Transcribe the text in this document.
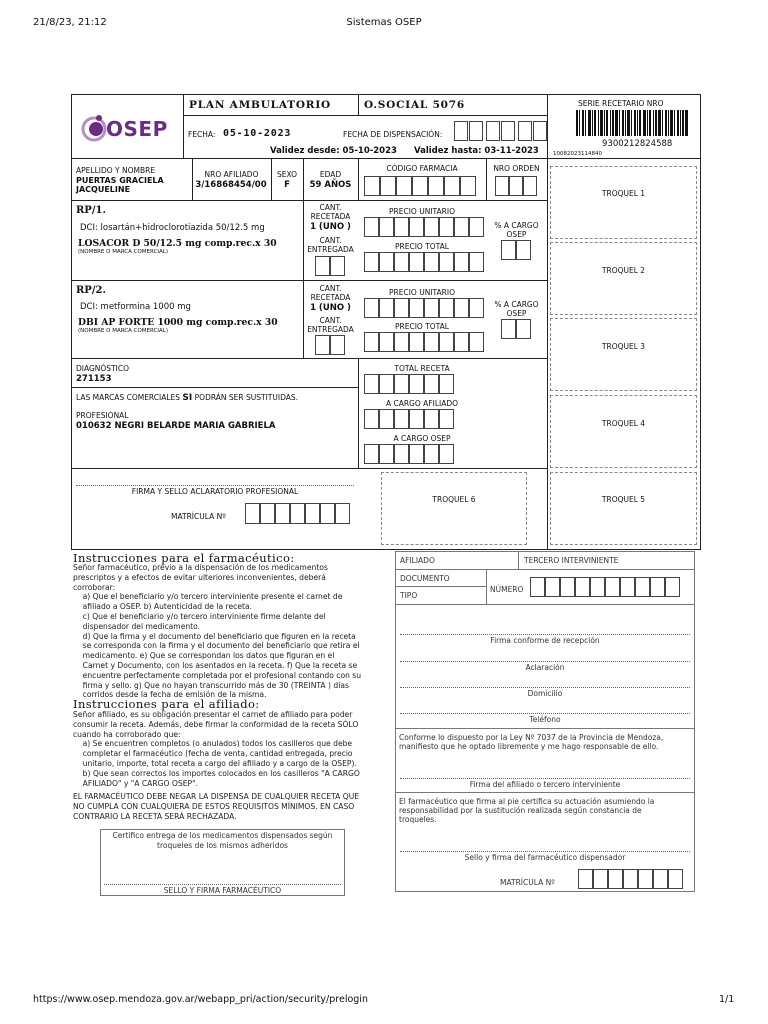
21/8/23, 21:12	Sistemas OSEP
https://www.osep.mendoza.gov.ar/webapp_pri/action/security/prelogin	1/1
OSEP
PLAN AMBULATORIO	O.SOCIAL 5076	SERIE RECETARIO NRO
9300212824588
10082023114840
FECHA: 05-10-2023	FECHA DE DISPENSACIÓN:
Validez desde: 05-10-2023 Validez hasta: 03-11-2023
APELLIDO Y NOMBRE
PUERTAS GRACIELA
JACQUELINE
NRO AFILIADO
3/16868454/00
SEXO
F
EDAD
59 AÑOS
CÓDIGO FARMACIA	NRO ORDEN
RP/1.
DCI: losartán+hidroclorotiazida 50/12.5 mg
LOSACOR D 50/12.5 mg comp.rec.x 30
(NOMBRE O MARCA COMERCIAL)
CANT.
RECETADA
1 (UNO )
CANT.
ENTREGADA
PRECIO UNITARIO
PRECIO TOTAL
% A CARGO
OSEP
RP/2.
DCI: metformina 1000 mg
DBI AP FORTE 1000 mg comp.rec.x 30
(NOMBRE O MARCA COMERCIAL)
CANT.
RECETADA
1 (UNO )
CANT.
ENTREGADA
PRECIO UNITARIO
PRECIO TOTAL
% A CARGO
OSEP
DIAGNÓSTICO
271153
LAS MARCAS COMERCIALES SI PODRÁN SER SUSTITUIDAS.
PROFESIONAL
010632 NEGRI BELARDE MARIA GABRIELA
FIRMA Y SELLO ACLARATORIO PROFESIONAL
MATRÍCULA Nº
TOTAL RECETA
A CARGO AFILIADO
A CARGO OSEP
TROQUEL 1
TROQUEL 2
TROQUEL 3
TROQUEL 4
TROQUEL 5
TROQUEL 6
Instrucciones para el farmacéutico:
Señor farmacéutico, previo a la dispensación de los medicamentos
prescriptos y a efectos de evitar ulteriores inconvenientes, deberá
corroborar:
a) Que el beneficiario y/o tercero interviniente presente el carnet de
afiliado a OSEP. b) Autenticidad de la receta.
c) Que el beneficiario y/o tercero interviniente firme delante del
dispensador del medicamento.
d) Que la firma y el documento del beneficiario que figuren en la receta
se corresponda con la firma y el documento del beneficiario que retira el
medicamento. e) Que se correspondan los datos que figuran en el
Carnet y Documento, con los asentados en la receta. f) Que la receta se
encuentre perfectamente completada por el profesional contando con su
firma y sello. g) Que no hayan transcurrido más de 30 (TREINTA ) días
corridos desde la fecha de emisión de la misma.
Instrucciones para el afiliado:
Señor afiliado, es su obligación presentar el carnet de afiliado para poder
consumir la receta. Además, debe firmar la conformidad de la receta SÓLO
cuando ha corroborado que:
a) Se encuentren completos (o anulados) todos los casilleros que debe
completar el farmacéutico (fecha de venta, cantidad entregada, precio
unitario, importe, total receta a cargo del afiliado y a cargo de la OSEP).
b) Que sean correctos los importes colocados en los casilleros "A CARGO
AFILIADO" y "A CARGO OSEP".
EL FARMACÉUTICO DEBE NEGAR LA DISPENSA DE CUALQUIER RECETA QUE
NO CUMPLA CON CUALQUIERA DE ESTOS REQUISITOS MÍNIMOS. EN CASO
CONTRARIO LA RECETA SERÁ RECHAZADA.
Certifico entrega de los medicamentos dispensados según
troqueles de los mismos adheridos
SELLO Y FIRMA FARMACÉUTICO
AFILIADO	TERCERO INTERVINIENTE
DOCUMENTO
TIPO
NÚMERO
Firma conforme de recepción
Aclaración
Domicilio
Teléfono
Conforme lo dispuesto por la Ley Nº 7037 de la Provincia de Mendoza,
manifiesto que he optado libremente y me hago responsable de ello.
Firma del afiliado o tercero interviniente
El farmacéutico que firma al pie certifica su actuación asumiendo la
responsabilidad por la sustitución realizada según constancia de
troqueles.
Sello y firma del farmacéutico dispensador
MATRÍCULA Nº
